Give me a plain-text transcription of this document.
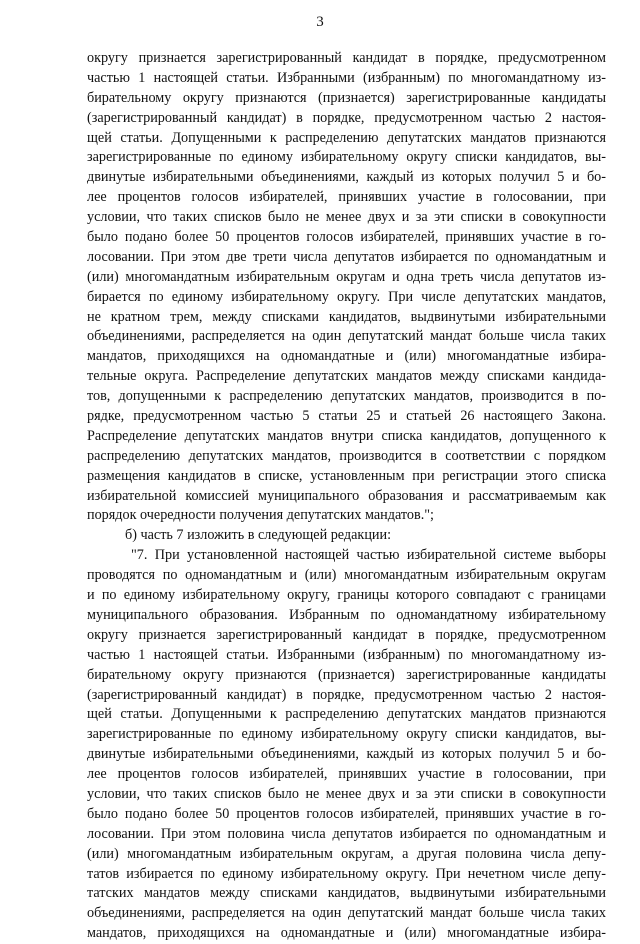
3
округу признается зарегистрированный кандидат в порядке, предусмотренном
частью 1 настоящей статьи. Избранными (избранным) по многомандатному из-
бирательному округу признаются (признается) зарегистрированные кандидаты
(зарегистрированный кандидат) в порядке, предусмотренном частью 2 настоя-
щей статьи. Допущенными к распределению депутатских мандатов признаются
зарегистрированные по единому избирательному округу списки кандидатов, вы-
двинутые избирательными объединениями, каждый из которых получил 5 и бо-
лее процентов голосов избирателей, принявших участие в голосовании, при
условии, что таких списков было не менее двух и за эти списки в совокупности
было подано более 50 процентов голосов избирателей, принявших участие в го-
лосовании. При этом две трети числа депутатов избирается по одномандатным и
(или) многомандатным избирательным округам и одна треть числа депутатов из-
бирается по единому избирательному округу. При числе депутатских мандатов,
не кратном трем, между списками кандидатов, выдвинутыми избирательными
объединениями, распределяется на один депутатский мандат больше числа таких
мандатов, приходящихся на одномандатные и (или) многомандатные избира-
тельные округа. Распределение депутатских мандатов между списками кандида-
тов, допущенными к распределению депутатских мандатов, производится в по-
рядке, предусмотренном частью 5 статьи 25 и статьей 26 настоящего Закона.
Распределение депутатских мандатов внутри списка кандидатов, допущенного к
распределению депутатских мандатов, производится в соответствии с порядком
размещения кандидатов в списке, установленным при регистрации этого списка
избирательной комиссией муниципального образования и рассматриваемым как
порядок очередности получения депутатских мандатов.";
б) часть 7 изложить в следующей редакции:
"7. При установленной настоящей частью избирательной системе выборы
проводятся по одномандатным и (или) многомандатным избирательным округам
и по единому избирательному округу, границы которого совпадают с границами
муниципального образования. Избранным по одномандатному избирательному
округу признается зарегистрированный кандидат в порядке, предусмотренном
частью 1 настоящей статьи. Избранными (избранным) по многомандатному из-
бирательному округу признаются (признается) зарегистрированные кандидаты
(зарегистрированный кандидат) в порядке, предусмотренном частью 2 настоя-
щей статьи. Допущенными к распределению депутатских мандатов признаются
зарегистрированные по единому избирательному округу списки кандидатов, вы-
двинутые избирательными объединениями, каждый из которых получил 5 и бо-
лее процентов голосов избирателей, принявших участие в голосовании, при
условии, что таких списков было не менее двух и за эти списки в совокупности
было подано более 50 процентов голосов избирателей, принявших участие в го-
лосовании. При этом половина числа депутатов избирается по одномандатным и
(или) многомандатным избирательным округам, а другая половина числа депу-
татов избирается по единому избирательному округу. При нечетном числе депу-
татских мандатов между списками кандидатов, выдвинутыми избирательными
объединениями, распределяется на один депутатский мандат больше числа таких
мандатов, приходящихся на одномандатные и (или) многомандатные избира-
